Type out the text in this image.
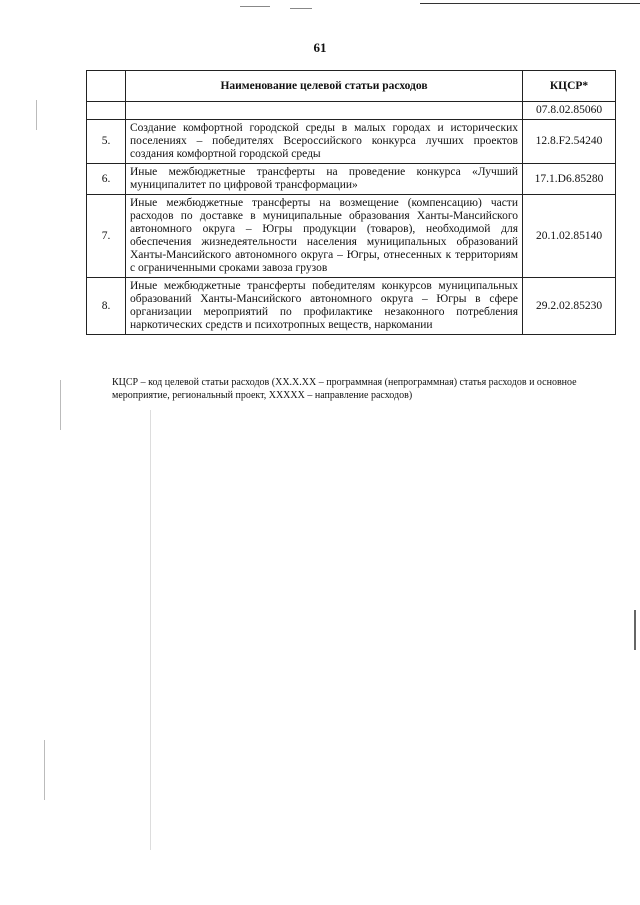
61
	Наименование целевой статьи расходов	КЦСР*
		07.8.02.85060
5.	Создание комфортной городской среды в малых городах и исторических поселениях – победителях Всероссийского конкурса лучших проектов создания комфортной городской среды	12.8.F2.54240
6.	Иные межбюджетные трансферты на проведение конкурса «Лучший муниципалитет по цифровой трансформации»	17.1.D6.85280
7.	Иные межбюджетные трансферты на возмещение (компенсацию) части расходов по доставке в муниципальные образования Ханты-Мансийского автономного округа – Югры продукции (товаров), необходимой для обеспечения жизнедеятельности населения муниципальных образований Ханты-Мансийского автономного округа – Югры, отнесенных к территориям с ограниченными сроками завоза грузов	20.1.02.85140
8.	Иные межбюджетные трансферты победителям конкурсов муниципальных образований Ханты-Мансийского автономного округа – Югры в сфере организации мероприятий по профилактике незаконного потребления наркотических средств и психотропных веществ, наркомании	29.2.02.85230
КЦСР – код целевой статьи расходов (XX.X.XX – программная (непрограммная) статья расходов и основное мероприятие, региональный проект, XXXXX – направление расходов)
